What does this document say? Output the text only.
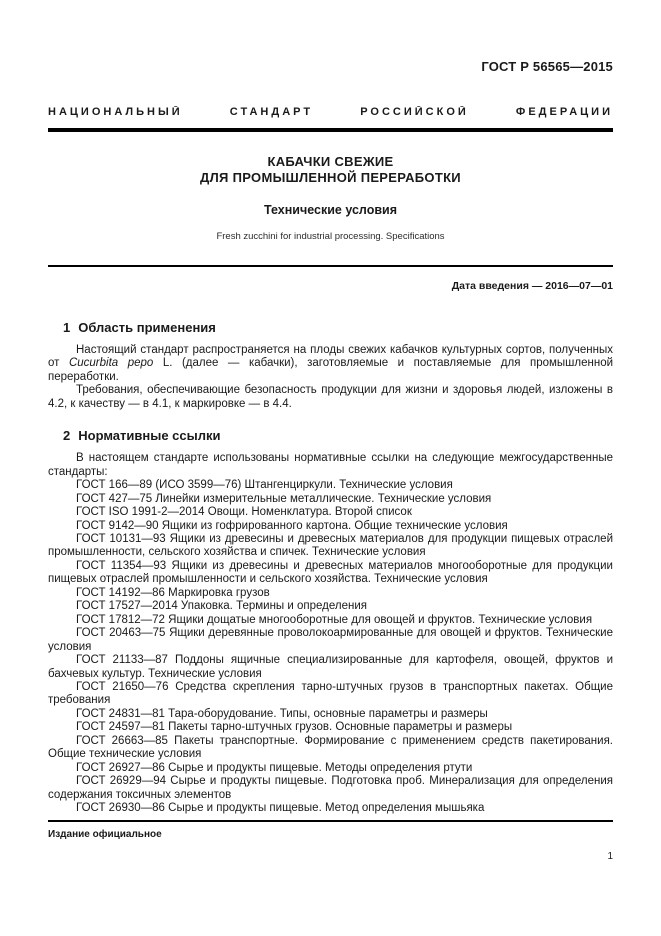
ГОСТ Р 56565—2015
НАЦИОНАЛЬНЫЙ СТАНДАРТ РОССИЙСКОЙ ФЕДЕРАЦИИ
КАБАЧКИ СВЕЖИЕ
ДЛЯ ПРОМЫШЛЕННОЙ ПЕРЕРАБОТКИ
Технические условия
Fresh zucchini for industrial processing. Specifications
Дата введения — 2016—07—01
1 Область применения

Настоящий стандарт распространяется на плоды свежих кабачков культурных сортов, полученных от Cucurbita pepo L. (далее — кабачки), заготовляемые и поставляемые для промышленной переработки.

Требования, обеспечивающие безопасность продукции для жизни и здоровья людей, изложены в 4.2, к качеству — в 4.1, к маркировке — в 4.4.

2 Нормативные ссылки

В настоящем стандарте использованы нормативные ссылки на следующие межгосударственные стандарты:

ГОСТ 166—89 (ИСО 3599—76) Штангенциркули. Технические условия

ГОСТ 427—75 Линейки измерительные металлические. Технические условия

ГОСТ ISO 1991-2—2014 Овощи. Номенклатура. Второй список

ГОСТ 9142—90 Ящики из гофрированного картона. Общие технические условия

ГОСТ 10131—93 Ящики из древесины и древесных материалов для продукции пищевых отраслей промышленности, сельского хозяйства и спичек. Технические условия

ГОСТ 11354—93 Ящики из древесины и древесных материалов многооборотные для продукции пищевых отраслей промышленности и сельского хозяйства. Технические условия

ГОСТ 14192—86 Маркировка грузов

ГОСТ 17527—2014 Упаковка. Термины и определения

ГОСТ 17812—72 Ящики дощатые многооборотные для овощей и фруктов. Технические условия

ГОСТ 20463—75 Ящики деревянные проволокоармированные для овощей и фруктов. Технические условия

ГОСТ 21133—87 Поддоны ящичные специализированные для картофеля, овощей, фруктов и бахчевых культур. Технические условия

ГОСТ 21650—76 Средства скрепления тарно-штучных грузов в транспортных пакетах. Общие требования

ГОСТ 24831—81 Тара-оборудование. Типы, основные параметры и размеры

ГОСТ 24597—81 Пакеты тарно-штучных грузов. Основные параметры и размеры

ГОСТ 26663—85 Пакеты транспортные. Формирование с применением средств пакетирования. Общие технические условия

ГОСТ 26927—86 Сырье и продукты пищевые. Методы определения ртути

ГОСТ 26929—94 Сырье и продукты пищевые. Подготовка проб. Минерализация для определения содержания токсичных элементов

ГОСТ 26930—86 Сырье и продукты пищевые. Метод определения мышьяка

Издание официальное
1
